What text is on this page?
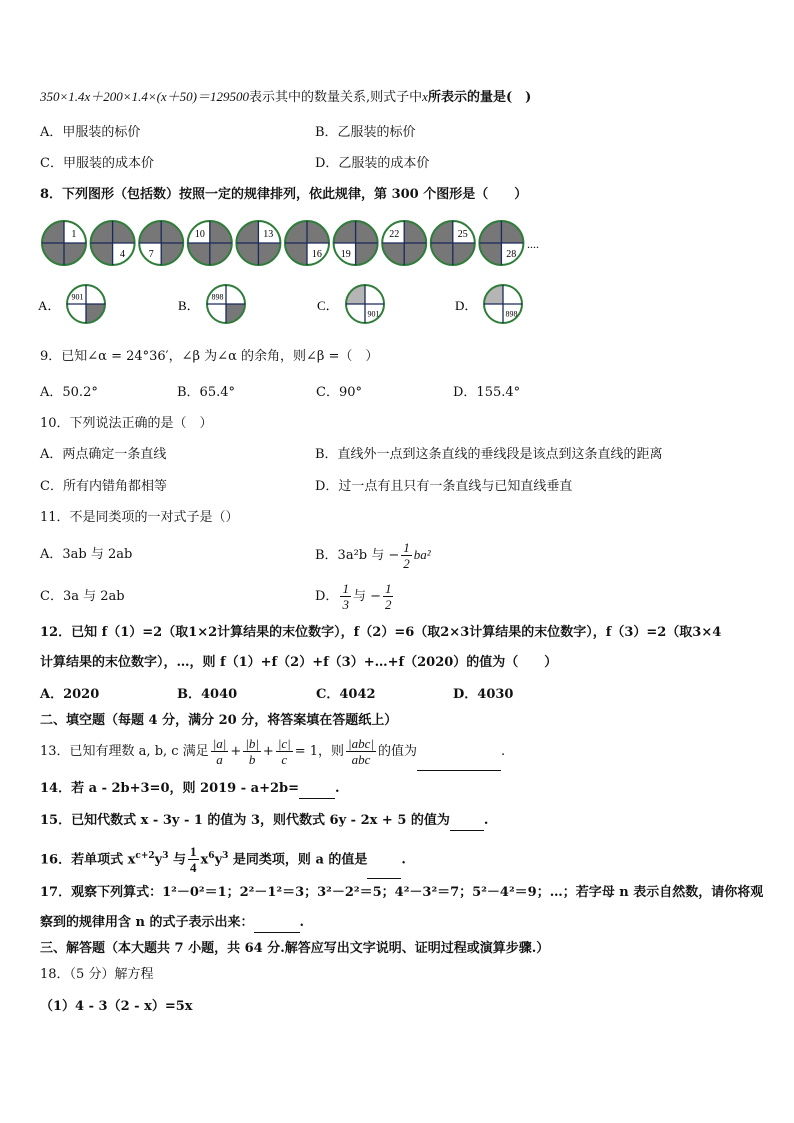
350×1.4x＋200×1.4×(x＋50)＝129500表示其中的数量关系,则式子中x所表示的量是(　)
A．甲服装的标价	B．乙服装的标价
C．甲服装的成本价	D．乙服装的成本价
8．下列图形（包括数）按照一定的规律排列，依此规律，第 300 个图形是（　　）
1
4 7
10	13
16 19
22	25
28
....
A．
901
B．
898
C．
901
D．
898
9．已知∠α = 24°36′，∠β 为∠α 的余角，则∠β =（　）
A．50.2°	B．65.4°	C．90°	D．155.4°
10．下列说法正确的是（　）
A．两点确定一条直线	B．直线外一点到这条直线的垂线段是该点到这条直线的距离
C．所有内错角都相等	D．过一点有且只有一条直线与已知直线垂直
11．不是同类项的一对式子是（）
A．3ab 与 2ab	B．3a²b 与 − $\frac{1}{2} ba^2$
C．3a 与 2ab	D． $\frac{1}{3}$ 与 − $\frac{1}{2}$
12．已知 f（1）=2（取1×2计算结果的末位数字），f（2）=6（取2×3计算结果的末位数字），f（3）=2（取3×4
计算结果的末位数字），…，则 f（1）+f（2）+f（3）+…+f（2020）的值为（　　）
A．2020	B．4040	C．4042	D．4030
二、填空题（每题 4 分，满分 20 分，将答案填在答题纸上）
13．已知有理数 a, b, c 满足 $\frac{|a|}{a} + \frac{|b|}{b} + \frac{|c|}{c} = 1$，则 $\frac{\text{|abc|}}{\text{abc}}$ 的值为	.
14．若 a - 2b+3=0，则 2019 - a+2b=	.
15．已知代数式 x - 3y - 1 的值为 3，则代数式 6y - 2x + 5 的值为	.
16．若单项式 $x^{c+2}y^3$ 与 $\frac{1}{4} x^6y^3$ 是同类项，则 a 的值是	.
17．观察下列算式：1²－0²＝1；2²－1²＝3；3²－2²＝5；4²－3²＝7；5²－4²＝9；…；若字母 n 表示自然数，请你将观
察到的规律用含 n 的式子表示出来：	.
三、解答题（本大题共 7 小题，共 64 分.解答应写出文字说明、证明过程或演算步骤.）
18．（5 分）解方程
（1）4 - 3（2 - x）=5x
